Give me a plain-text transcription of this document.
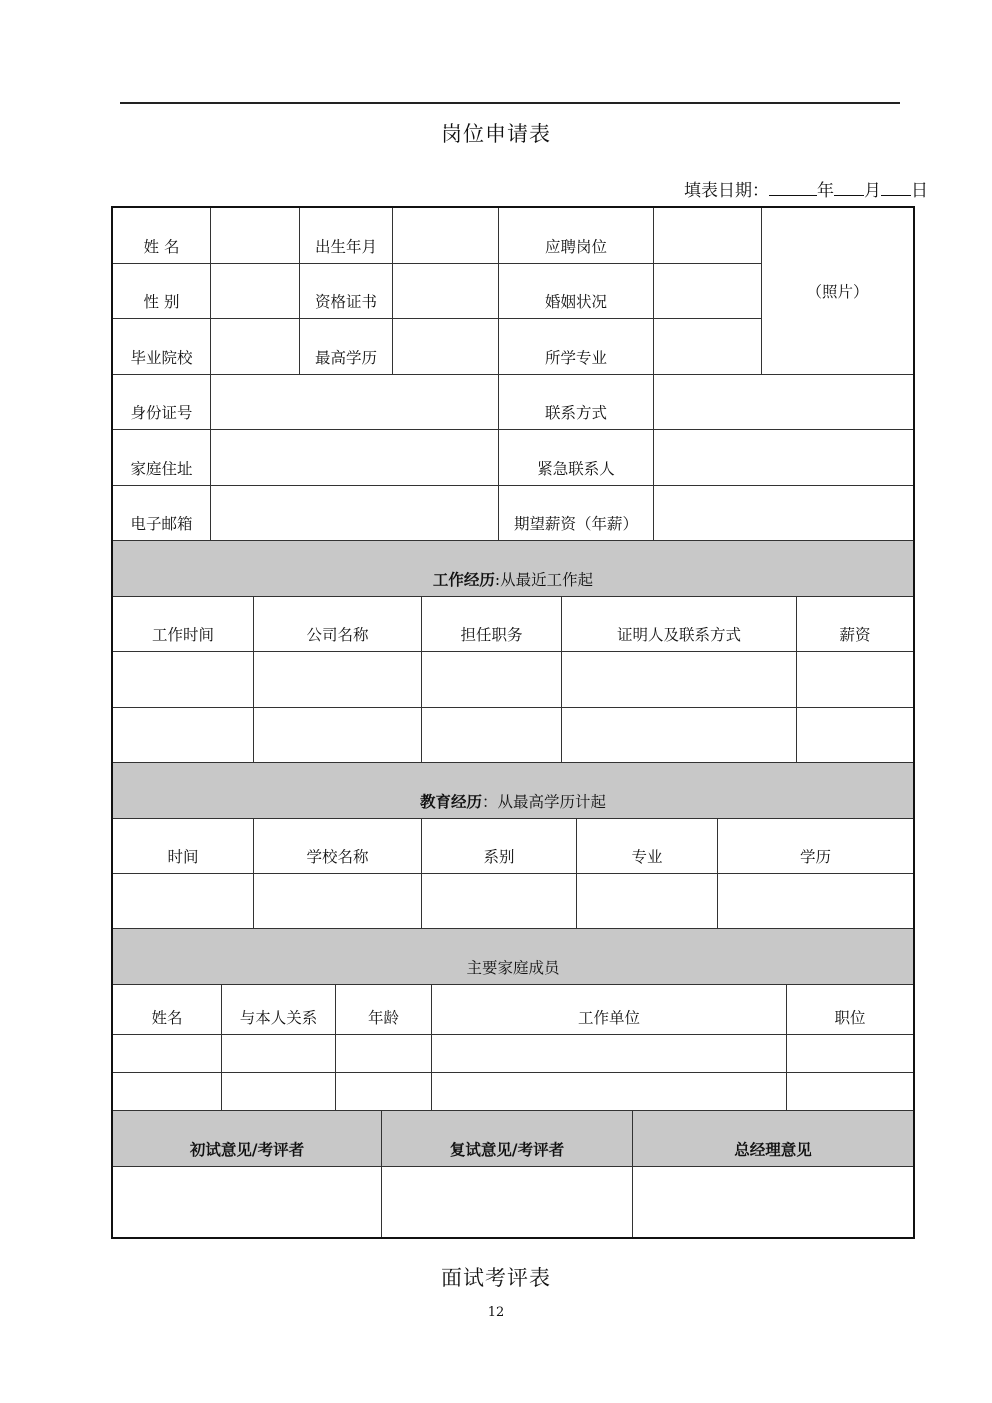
岗位申请表
填表日期：	年 月 日
姓 名	出生年月	应聘岗位
（照片）
性 别	资格证书	婚姻状况
毕业院校	最高学历	所学专业
身份证号	联系方式
家庭住址	紧急联系人
电子邮箱	期望薪资（年薪）
工作经历 :从最近工作起
工作时间	公司名称	担任职务	证明人及联系方式	薪资
教育经历 ：从最高学历计起
时间	学校名称	系别	专业	学历
主要家庭成员
姓名	与本人关系	年龄	工作单位	职位
初试意见/考评者	复试意见/考评者	总经理意见
面试考评表
12
